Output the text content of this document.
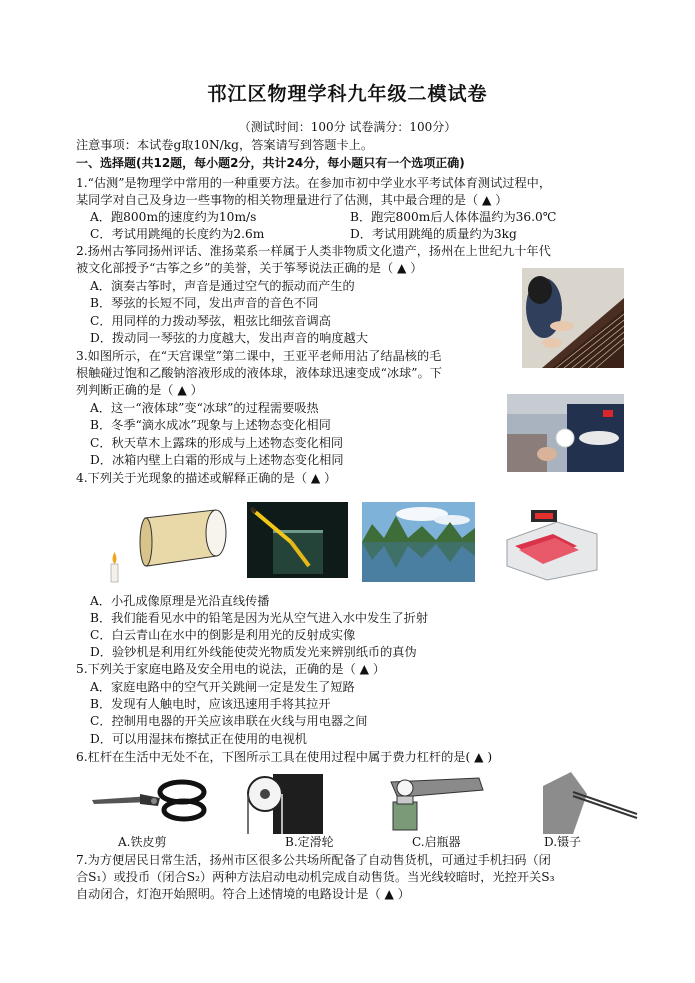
邗江区物理学科九年级二模试卷
（测试时间：100分 试卷满分：100分）
注意事项：本试卷g取10N/kg，答案请写到答题卡上。
一、选择题(共12题，每小题2分，共计24分，每小题只有一个选项正确)
1.“估测”是物理学中常用的一种重要方法。在参加市初中学业水平考试体育测试过程中，
某同学对自己及身边一些事物的相关物理量进行了估测，其中最合理的是（ ▲ ）
A．跑800m的速度约为10m/s	B．跑完800m后人体体温约为36.0℃
C．考试用跳绳的长度约为2.6m	D．考试用跳绳的质量约为3kg
2.扬州古筝同扬州评话、淮扬菜系一样属于人类非物质文化遗产，扬州在上世纪九十年代
被文化部授予“古筝之乡”的美誉，关于筝琴说法正确的是（ ▲ ）
A．演奏古筝时，声音是通过空气的振动而产生的
B．琴弦的长短不同，发出声音的音色不同
C．用同样的力拨动琴弦，粗弦比细弦音调高
D．拨动同一琴弦的力度越大，发出声音的响度越大
3.如图所示，在“天宫课堂”第二课中，王亚平老师用沾了结晶核的毛
根触碰过饱和乙酸钠溶液形成的液体球，液体球迅速变成“冰球”。下
列判断正确的是（ ▲ ）
A．这一“液体球”变“冰球”的过程需要吸热
B．冬季“滴水成冰”现象与上述物态变化相同
C．秋天草木上露珠的形成与上述物态变化相同
D．冰箱内壁上白霜的形成与上述物态变化相同
4.下列关于光现象的描述或解释正确的是（ ▲ ）
A．小孔成像原理是光沿直线传播
B．我们能看见水中的铅笔是因为光从空气进入水中发生了折射
C．白云青山在水中的倒影是利用光的反射成实像
D．验钞机是利用红外线能使荧光物质发光来辨别纸币的真伪
5.下列关于家庭电路及安全用电的说法，正确的是（ ▲ ）
A．家庭电路中的空气开关跳闸一定是发生了短路
B．发现有人触电时，应该迅速用手将其拉开
C．控制用电器的开关应该串联在火线与用电器之间
D．可以用湿抹布擦拭正在使用的电视机
6.杠杆在生活中无处不在，下图所示工具在使用过程中属于费力杠杆的是( ▲ )
A.铁皮剪	B.定滑轮	C.启瓶器	D.镊子
7.为方便居民日常生活，扬州市区很多公共场所配备了自动售货机，可通过手机扫码（闭
合S₁）或投币（闭合S₂）两种方法启动电动机完成自动售货。当光线较暗时，光控开关S₃
自动闭合，灯泡开始照明。符合上述情境的电路设计是（ ▲ ）
